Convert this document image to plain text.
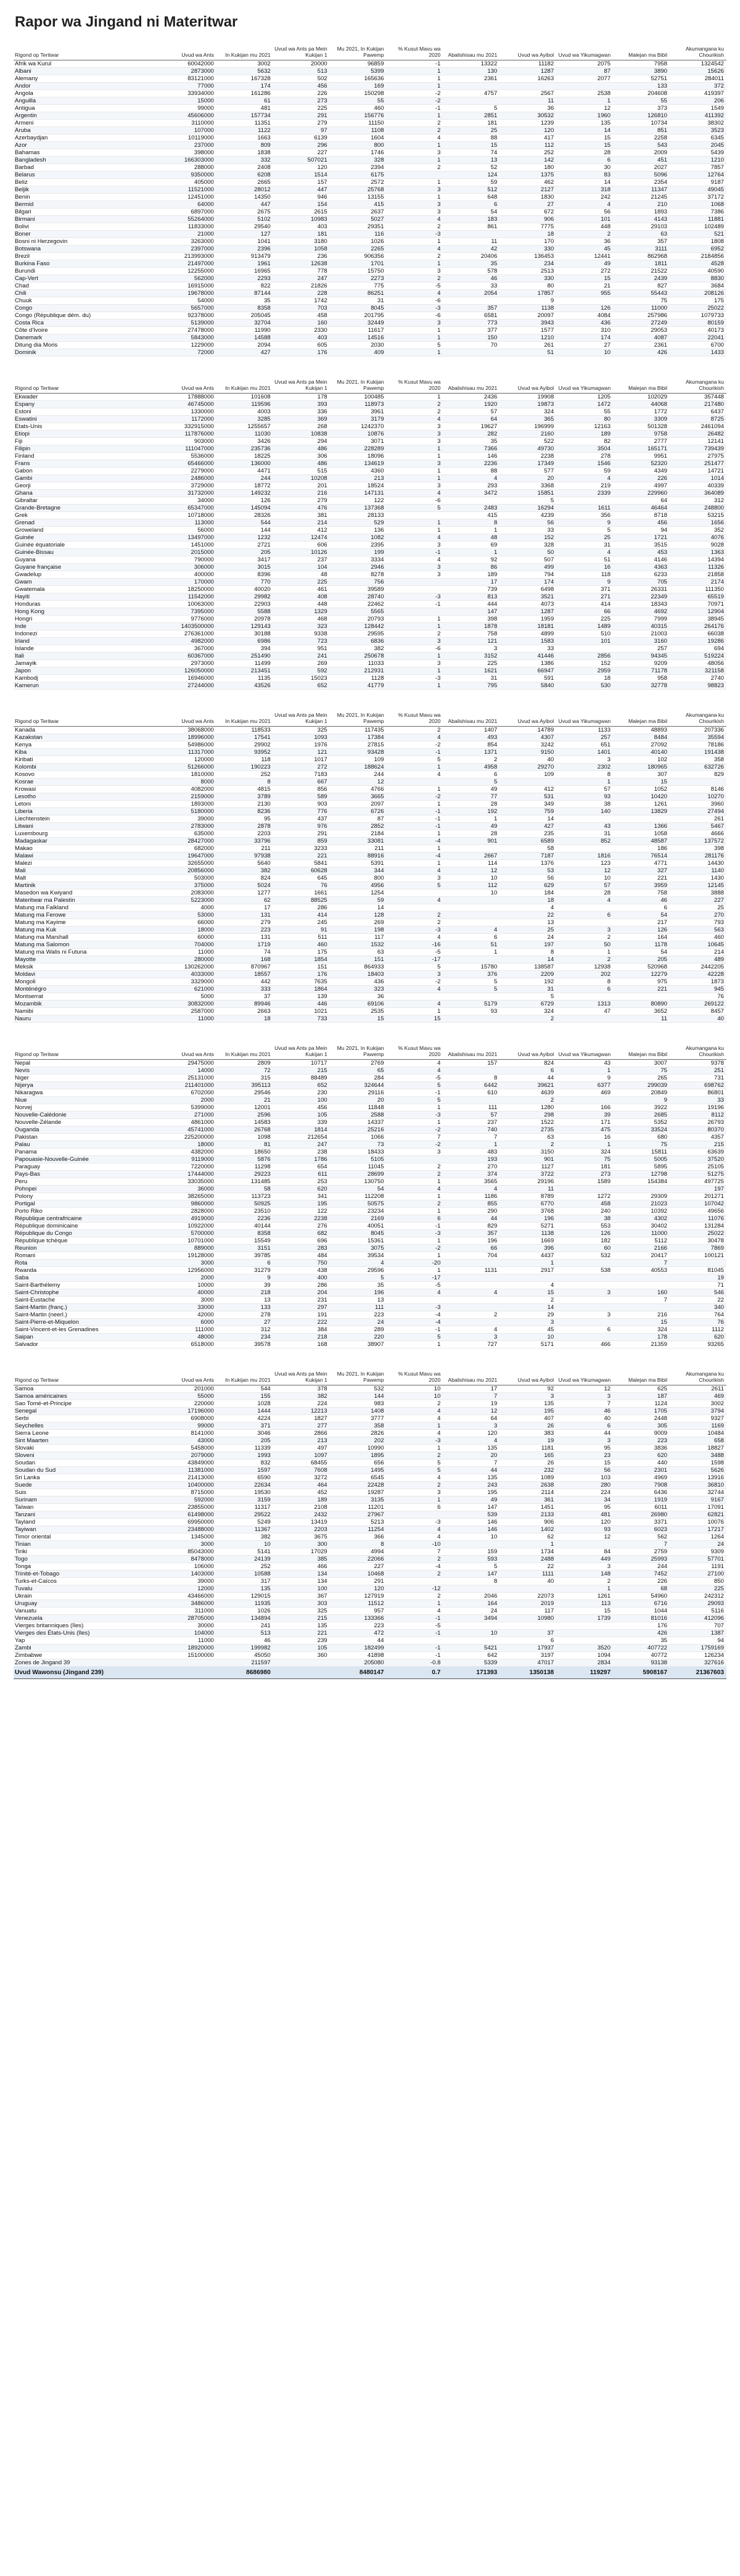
Rapor wa Jingand ni Materitwar
Rigond op Teritwar	Uvud wa Ants	In Kukijan mu 2021	Uvud wa Ants pa Mein Kukijan 1	Mu 2021, In Kukijan Pawemp	% Kusut Mavu wa 2020	Abalishisau mu 2021	Uvud wa Ayibol	Uvud wa Yikumagwan	Malejan ma Bibil	Akumangana ku Chourikish
Afrik wa Kurul	60042000	3002	20000	96859	-1	13322	11182	2075	7958	1324542
Albani	2873000	5632	513	5399	1	130	1287	87	3890	15626
Alemany	83121000	167328	502	165636	1	2361	16263	2077	52751	284011
Andor	77000	174	456	169	1				133	372
Angola	33934000	161286	226	150298	-2	4757	2567	2538	204608	419397
Anguilla	15000	61	273	55	-2		11	1	55	206
Antigua	99000	481	225	460	-1	5	36	12	373	1549
Argentin	45606000	157734	291	156776	1	2851	30532	1960	126810	411392
Armeni	3110000	11351	279	11150	2	181	1239	135	10734	38302
Aruba	107000	1122	97	1108	2	25	120	14	851	3523
Azerbaydjan	10119000	1663	6139	1604	4	88	417	15	2258	6345
Azor	237000	809	296	800	1	15	112	15	543	2045
Bahamas	398000	1838	227	1746	3	74	252	28	2009	5439
Bangladesh	166303000	332	507021	328	1	13	142	6	451	1210
Barbad	288000	2408	120	2394	2	52	180	30	2027	7857
Belarus	9350000	6208	1514	6175		124	1375	83	5096	12764
Beliz	405000	2665	157	2572	1	59	462	14	2354	9187
Beljik	11521000	28012	447	25768	3	512	2127	318	11347	49045
Benin	12451000	14350	946	13155	1	648	1830	242	21245	37172
Bermid	64000	447	154	415	3	6	27	4	210	1068
Bilgari	6897000	2675	2615	2637	3	54	672	56	1893	7386
Birmani	55264000	5102	10983	5027	4	183	906	101	4143	11881
Bolivi	11833000	29540	403	29351	2	861	7775	448	29103	102489
Boner	21000	127	181	116	-3		18	2	63	521
Bosni ni Herzegovin	3263000	1041	3180	1026	1	11	170	36	357	1808
Botswana	2397000	2396	1058	2265	4	42	330	45	3111	6952
Brezil	213993000	913479	236	906356	2	20406	136453	12441	862968	2184856
Burkina Faso	21497000	1961	12638	1701	1	35	234	49	1811	4528
Burundi	12255000	16965	778	15750	3	578	2513	272	21522	40590
Cap-Vert	562000	2293	247	2273	2	46	330	15	2439	8830
Chad	16915000	822	21826	775	-5	33	80	21	827	3684
Chili	19678000	87144	228	86251	4	2054	17857	955	55443	208126
Chuuk	54000	35	1742	31	-6		9		75	175
Congo	5657000	8358	703	8045	-3	357	1138	126	11000	25022
Congo (République dém. du)	92378000	205045	458	201795	-6	6581	20097	4084	257986	1079733
Costa Rica	5139000	32704	160	32449	3	773	3943	436	27249	80159
Côte d'Ivoire	27478000	11990	2330	11617	1	377	1577	310	29053	40173
Danemark	5843000	14588	403	14516	1	150	1210	174	4087	22041
Ditung dia Moris	1229000	2094	605	2030	5	70	261	27	2361	6700
Dominik	72000	427	176	409	1		51	10	426	1433
Rigond op Teritwar	Uvud wa Ants	In Kukijan mu 2021	Uvud wa Ants pa Mein Kukijan 1	Mu 2021, In Kukijan Pawemp	% Kusut Mavu wa 2020	Abalishisau mu 2021	Uvud wa Ayibol	Uvud wa Yikumagwan	Malejan ma Bibil	Akumangana ku Chourikish
Ekwader	17888000	101608	178	100485	1	2436	19908	1205	102029	357448
Espany	46745000	119596	393	118973	2	1920	19873	1472	44068	217480
Estoni	1330000	4003	336	3961	2	57	324	55	1772	6437
Eswatini	1172000	3285	369	3179	4	64	365	80	3309	8725
Etats-Unis	332915000	1255657	268	1242370	3	19627	196999	12163	501328	2461094
Etiopi	117876000	11030	10838	10876	3	282	2160	189	9758	26482
Fiji	903000	3426	294	3071	3	35	522	82	2777	12141
Filipin	111047000	235736	486	228289	1	7366	49730	3504	165171	739439
Finland	5536000	18225	306	18096	1	146	2238	278	9951	27975
Frans	65466000	136000	486	134619	3	2236	17349	1546	52320	251477
Gabon	2279000	4471	515	4360	1	88	577	59	4349	14721
Gambi	2486000	244	10208	213	1	4	20	4	226	1014
Georji	3729000	18772	201	18524	3	293	3368	219	4997	40339
Ghana	31732000	149232	216	147131	4	3472	15851	2339	229960	364089
Gibraltar	34000	126	279	122	-6		5		64	312
Grande-Bretagne	65347000	145094	476	137368	5	2483	16294	1611	46464	248800
Grek	10718000	28326	381	28133		415	4239	356	8718	53215
Grenad	113000	544	214	529	1	8	56	9	456	1656
Groweland	56000	144	412	136	1	1	33	5	94	352
Guinée	13497000	1232	12474	1082	4	48	152	25	1721	4076
Guinée équatoriale	1451000	2721	606	2395	3	69	328	31	3515	9028
Guinée-Bissau	2015000	205	10126	199	-1	1	50	4	453	1363
Guyana	790000	3417	237	3334	4	92	507	51	4146	14394
Guyane française	306000	3015	104	2946	3	86	499	16	4363	11326
Gwadelup	400000	8396	48	8278	3	189	794	118	6233	21858
Gwam	170000	770	225	756		17	174	9	705	2174
Gwatemala	18250000	40020	461	39589		739	6498	371	26331	111350
Hayiti	11542000	29982	408	28740	-3	813	3521	271	22349	65519
Honduras	10063000	22903	448	22462	-1	444	4073	414	18343	70971
Hong Kong	7395000	5588	1329	5565		147	1287	66	4692	12904
Hongri	9776000	20978	468	20793	1	398	1959	225	7999	38945
Inde	1403500000	129143	323	128442	1	1878	18181	1489	40315	264176
Indonezi	276361000	30188	9338	29595	2	758	4899	510	21003	66038
Irland	4982000	6986	723	6836	3	121	1583	101	3160	19286
Islande	367000	394	951	382	-6	3	33		257	694
Itali	60367000	251490	241	250678	1	3152	41446	2856	94345	519224
Jamayik	2973000	11499	269	11033	3	225	1386	152	9209	48056
Japon	126050000	213451	592	212931	1	1621	66947	2959	71178	321158
Kambodj	16946000	1135	15023	1128	-3	31	591	18	958	2740
Kamerun	27244000	43526	652	41779	1	795	5840	530	32778	98823
Rigond op Teritwar	Uvud wa Ants	In Kukijan mu 2021	Uvud wa Ants pa Mein Kukijan 1	Mu 2021, In Kukijan Pawemp	% Kusut Mavu wa 2020	Abalishisau mu 2021	Uvud wa Ayibol	Uvud wa Yikumagwan	Malejan ma Bibil	Akumangana ku Chourikish
Kanada	38068000	118533	325	117435	2	1407	14789	1133	48893	207336
Kazakstan	18996000	17541	1093	17384	4	493	4307	257	8484	35594
Kenya	54986000	29902	1976	27815	-2	854	3242	651	27092	78186
Kiba	11317000	93952	121	93428	-1	1371	9150	1401	40140	191438
Kiribati	120000	118	1017	109	5	2	40	3	102	358
Kolombi	51266000	190223	272	188624	1	4958	29270	2302	180965	632726
Kosovo	1810000	252	7183	244	4	6	109	8	307	829
Kosrae	8000	8	667	12		5		1	15	
Krowasi	4082000	4815	856	4766	1	49	412	57	1052	8146
Lesotho	2159000	3789	589	3665	-2	77	531	93	10420	10270
Letoni	1893000	2130	903	2097	1	28	349	38	1261	3960
Liberia	5180000	8236	776	6726	-1	192	759	140	13829	27494
Liechtenstein	39000	95	437	87	-1	1	14			261
Litwani	2783000	2878	976	2852	-1	49	427	43	1366	5467
Luxembourg	635000	2203	291	2184	1	28	235	31	1058	4666
Madagaskar	28427000	33796	859	33081	-4	901	6589	852	48587	137572
Makao	682000	211	3233	211	1		58		186	398
Malawi	19647000	97938	221	88916	-4	2667	7187	1816	76514	281176
Malezi	32655000	5640	5841	5391	1	114	1376	123	4771	14430
Mali	20856000	382	60628	344	4	12	53	12	327	1140
Malt	503000	824	645	800	3	10	56	10	221	1430
Martinik	375000	5024	76	4956	5	112	629	57	3959	12145
Masedon wa Kwiyand	2083000	1277	1661	1254		10	184	28	758	3888
Materitwar ma Palestin	5223000	62	88525	59	4		18	4	46	227
Matung ma Falkland	4000	17	286	14			4		6	25
Matung ma Ferowe	53000	131	414	128	2		22	6	54	270
Matung ma Kayime	66000	279	245	269	2		13		217	793
Matung ma Kuk	18000	223	91	198	-3	4	25	3	126	563
Matung ma Marshall	60000	131	511	117	4	6	24	2	164	460
Matung ma Salomon	704000	1719	460	1532	-16	51	197	50	1178	10645
Matung ma Walis ni Futuna	11000	74	175	63	-5	1	8	1	54	214
Mayotte	280000	168	1854	151	-17		14	2	205	489
Meksik	130262000	870967	151	864933	5	15780	138587	12938	520968	2442205
Moldavi	4033000	18557	176	18403	3	376	2209	202	12279	42228
Mongoli	3329000	442	7635	436	-2	5	192	8	975	1873
Monténégro	621000	333	1864	323	4	5	31	6	221	945
Montserrat	5000	37	139	36			5			76
Mozambik	30832000	89946	446	69106	4	5179	6729	1313	80890	269122
Namibi	2587000	2663	1021	2535	1	93	324	47	3652	8457
Nauru	11000	18	733	15	15		2		11	40
Rigond op Teritwar	Uvud wa Ants	In Kukijan mu 2021	Uvud wa Ants pa Mein Kukijan 1	Mu 2021, In Kukijan Pawemp	% Kusut Mavu wa 2020	Abalishisau mu 2021	Uvud wa Ayibol	Uvud wa Yikumagwan	Malejan ma Bibil	Akumangana ku Chourikish
Nepal	29475000	2809	10717	2769	4	157	824	43	3007	9378
Nevis	14000	72	215	65	4		6	1	75	251
Niger	25131000	315	88489	284	-5	8	44	9	265	731
Nijerya	211401000	395113	652	324644	5	6442	39621	6377	299039	698762
Nikaragwa	6702000	29546	230	29116	-1	610	4639	469	20849	86801
Niue	2000	21	100	20	5		2		9	33
Norvej	5399000	12001	456	11848	1	111	1280	166	3922	19196
Nouvelle-Calédonie	271000	2596	105	2588	-3	57	298	39	2685	8112
Nouvelle-Zélande	4861000	14583	339	14337	1	237	1522	171	5352	26793
Ouganda	45741000	26768	1814	25216	-2	740	2735	475	33524	80370
Pakistan	225200000	1098	212654	1066	7	7	63	16	680	4357
Palau	18000	81	247	73	-2	1	2	1	75	215
Panama	4382000	18650	238	18433	3	483	3150	324	15811	63639
Papouasie-Nouvelle-Guinée	9119000	5876	1786	5105		193	901	75	5005	37520
Paraguay	7220000	11298	654	11045	2	270	1127	181	5895	25105
Pays-Bas	17444000	29223	611	28699	2	374	3722	273	12798	51275
Peru	33035000	131485	253	130750	1	3565	29196	1589	154384	497725
Pohnpei	36000	58	620	54	4	4	11			197
Polony	38265000	113723	341	112208	1	1186	8789	1272	29309	201271
Portigal	9860000	50925	195	50575	2	855	6770	458	21023	107042
Porto Riko	2828000	23510	122	23234	1	290	3768	240	10392	49656
République centrafricaine	4919000	2236	2238	2169	6	44	196	38	4302	11076
République dominicaine	10922000	40144	276	40051	-1	829	5271	553	30402	131284
République du Congo	5700000	8358	682	8045	-3	357	1138	126	11000	25022
République tchèque	10701000	15549	696	15361	1	196	1669	182	5112	30478
Reunion	889000	3151	283	3075	-2	66	396	60	2166	7869
Romani	19128000	39785	484	39534	1	704	4437	532	20417	100121
Rota	3000	6	750	4	-20		1		7	
Rwanda	12956000	31279	438	29596	1	1131	2917	538	40553	81045
Saba	2000	9	400	5	-17					19
Saint-Barthélemy	10000	39	286	35	-5		4			71
Saint-Christophe	40000	218	204	196	4	4	15	3	160	546
Saint-Eustache	3000	13	231	13			2		7	22
Saint-Martin (franç.)	33000	133	297	111	-3		14			340
Saint-Martin (neerl.)	42000	278	191	223	-4	2	29	3	216	764
Saint-Pierre-et-Miquelon	6000	27	222	24	-4		3		15	76
Saint-Vincent-et-les Grenadines	111000	312	384	289	-1	4	45	6	324	1112
Saipan	48000	234	218	220	5	3	10		178	620
Salvador	6518000	39578	168	38907	1	727	5171	466	21359	93265
Rigond op Teritwar	Uvud wa Ants	In Kukijan mu 2021	Uvud wa Ants pa Mein Kukijan 1	Mu 2021, In Kukijan Pawemp	% Kusut Mavu wa 2020	Abalishisau mu 2021	Uvud wa Ayibol	Uvud wa Yikumagwan	Malejan ma Bibil	Akumangana ku Chourikish
Samoa	201000	544	378	532	10	17	92	12	625	2611
Samoa américaines	55000	155	382	144	10	7	3	3	187	469
Sao Tomé-et-Principe	220000	1028	224	983	2	19	135	7	1124	3002
Senegal	17196000	1444	12213	1408	4	12	195	46	1705	3794
Serbi	6908000	4224	1827	3777	4	64	407	40	2448	9327
Seychelles	99000	371	277	358	1	3	26	6	305	1169
Sierra Leone	8141000	3046	2866	2826	4	120	383	44	9009	10484
Sint Maarten	43000	205	213	202	-3	4	19	3	223	658
Slovaki	5458000	11339	497	10990	1	135	1181	95	3836	18827
Sloveni	2079000	1993	1097	1895	2	20	165	23	620	3488
Soudan	43849000	832	68455	656	5	7	26	15	440	1598
Soudan du Sud	11381000	1597	7608	1495	5	44	232	56	2301	5626
Sri Lanka	21413000	6590	3272	6545	4	135	1089	103	4969	13916
Suede	10400000	22634	464	22428	2	243	2638	280	7908	36810
Suis	8715000	19530	452	19287	3	195	2114	224	6436	32744
Surinam	592000	3159	189	3135	1	49	361	34	1919	9167
Taïwan	23855000	11317	2108	11201	6	147	1451	95	6011	17091
Tanzani	61498000	29522	2432	27967		539	2133	481	26980	62821
Tayland	69950000	5249	13419	5213	-3	146	906	120	3371	10076
Tayiwan	23488000	11367	2203	11254	4	146	1402	93	6023	17217
Timor oriental	1345000	382	3675	366	4	10	62	12	562	1264
Tinian	3000	10	300	8	-10		1		7	24
Tiriki	85043000	5141	17029	4994	7	159	1734	84	2759	9309
Togo	8478000	24139	385	22066	2	593	2488	449	25993	57701
Tonga	106000	252	466	227	-4	5	22	3	244	1191
Trinité-et-Tobago	1403000	10588	134	10468	2	147	1111	148	7452	27100
Turks-et-Caïcos	39000	317	134	291		8	40	2	226	850
Tuvalu	12000	135	100	120	-12			1	68	225
Ukrain	43466000	129015	367	127919	2	2046	22073	1261	54960	242312
Uruguay	3486000	11935	303	11512	1	164	2019	113	6716	29093
Vanuatu	311000	1026	325	957	4	24	117	15	1044	5116
Venezuela	28705000	134894	215	133366	-1	3494	10980	1739	81016	412096
Vierges britanniques (îles)	30000	241	135	223	-5				176	707
Vierges des États-Unis (îles)	104000	513	221	472	-1	10	37		426	1387
Yap	11000	46	239	44			6		35	94
Zambi	18920000	199982	105	182499	-1	5421	17937	3520	407722	1759169
Zimbabwe	15100000	45050	360	41898	-1	642	3197	1094	40772	126234
Zones de Jingand 39		211597		205080	-0.8	5339	47017	2834	93138	327616
Uvud Wawonsu (Jingand 239)		8686980		8480147	0.7	171393	1350138	119297	5908167	21367603
